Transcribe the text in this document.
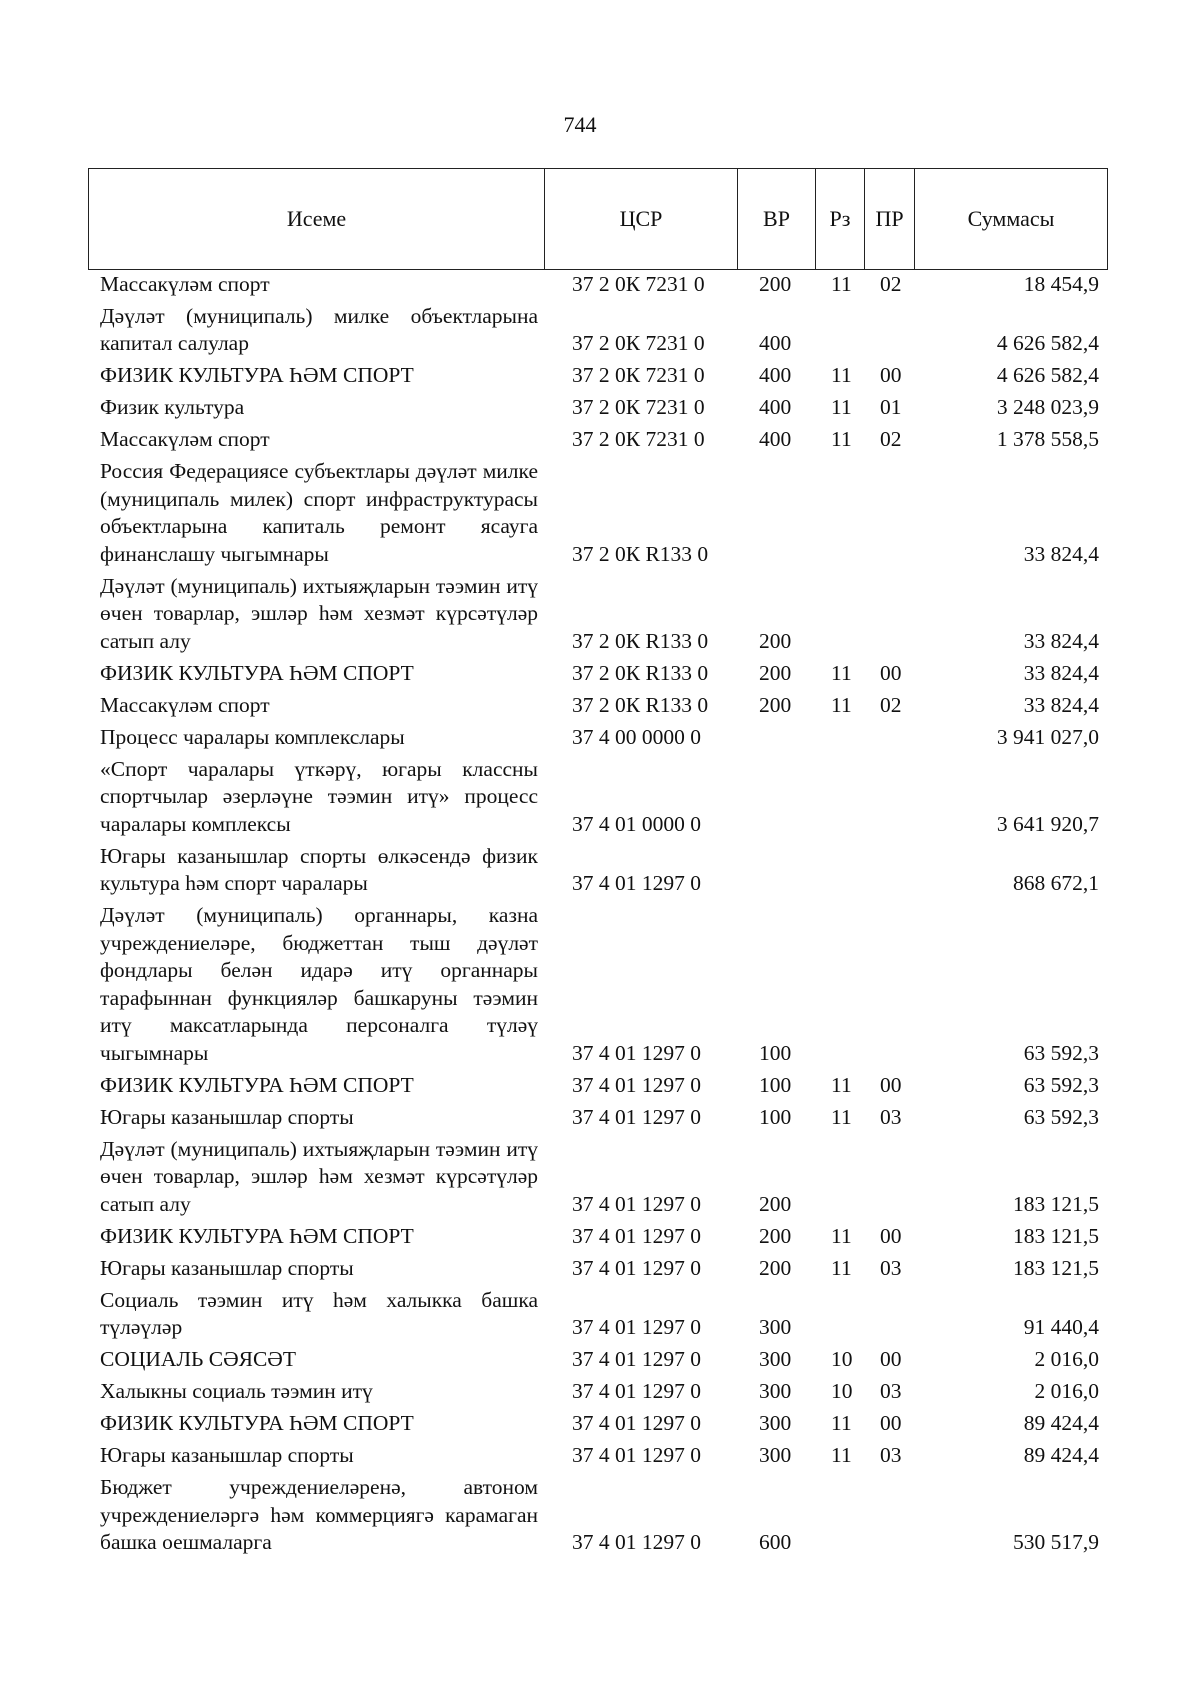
744
Исеме	ЦСР	ВР	Рз	ПР	Суммасы
Массакүләм спорт	37 2 0К 7231 0	200	11	02	18 454,9
Дәүләт (муниципаль) милке объектларына капитал салулар	37 2 0К 7231 0	400			4 626 582,4
ФИЗИК КУЛЬТУРА ҺӘМ СПОРТ	37 2 0К 7231 0	400	11	00	4 626 582,4
Физик культура	37 2 0К 7231 0	400	11	01	3 248 023,9
Массакүләм спорт	37 2 0К 7231 0	400	11	02	1 378 558,5
Россия Федерациясе субъектлары дәүләт милке (муниципаль милек) спорт инфраструктурасы объектларына капиталь ремонт ясауга финанслашу чыгымнары	37 2 0К R133 0				33 824,4
Дәүләт (муниципаль) ихтыяҗларын тәэмин итү өчен товарлар, эшләр һәм хезмәт күрсәтүләр сатып алу	37 2 0К R133 0	200			33 824,4
ФИЗИК КУЛЬТУРА ҺӘМ СПОРТ	37 2 0К R133 0	200	11	00	33 824,4
Массакүләм спорт	37 2 0К R133 0	200	11	02	33 824,4
Процесс чаралары комплекслары	37 4 00 0000 0				3 941 027,0
«Спорт чаралары үткәрү, югары классны спортчылар әзерләүне тәэмин итү» процесс чаралары комплексы	37 4 01 0000 0				3 641 920,7
Югары казанышлар спорты өлкәсендә физик культура һәм спорт чаралары	37 4 01 1297 0				868 672,1
Дәүләт (муниципаль) органнары, казна учреждениеләре, бюджеттан тыш дәүләт фондлары белән идарә итү органнары тарафыннан функцияләр башкаруны тәэмин итү максатларында персоналга түләү чыгымнары	37 4 01 1297 0	100			63 592,3
ФИЗИК КУЛЬТУРА ҺӘМ СПОРТ	37 4 01 1297 0	100	11	00	63 592,3
Югары казанышлар спорты	37 4 01 1297 0	100	11	03	63 592,3
Дәүләт (муниципаль) ихтыяҗларын тәэмин итү өчен товарлар, эшләр һәм хезмәт күрсәтүләр сатып алу	37 4 01 1297 0	200			183 121,5
ФИЗИК КУЛЬТУРА ҺӘМ СПОРТ	37 4 01 1297 0	200	11	00	183 121,5
Югары казанышлар спорты	37 4 01 1297 0	200	11	03	183 121,5
Социаль тәэмин итү һәм халыкка башка түләүләр	37 4 01 1297 0	300			91 440,4
СОЦИАЛЬ СӘЯСӘТ	37 4 01 1297 0	300	10	00	2 016,0
Халыкны социаль тәэмин итү	37 4 01 1297 0	300	10	03	2 016,0
ФИЗИК КУЛЬТУРА ҺӘМ СПОРТ	37 4 01 1297 0	300	11	00	89 424,4
Югары казанышлар спорты	37 4 01 1297 0	300	11	03	89 424,4
Бюджет учреждениеләренә, автоном учреждениеләргә һәм коммерциягә карамаган башка оешмаларга	37 4 01 1297 0	600			530 517,9
